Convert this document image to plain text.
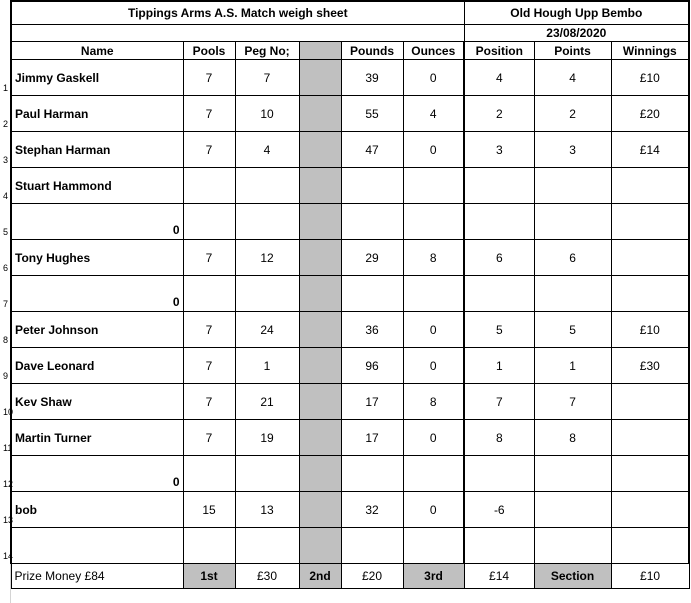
Tippings Arms A.S. Match weigh sheet						Old Hough Upp Bembo		
						23/08/2020		
Name	Pools	Peg No;		Pounds	Ounces	Position	Points	Winnings

1
Jimmy Gaskell	7	7		39	0	4	4	£10

2
Paul Harman	7	10		55	4	2	2	£20

3
Stephan Harman	7	4		47	0	3	3	£14

4
Stuart Hammond

5 0								

6
Tony Hughes	7	12		29	8	6	6	

7 0								

8
Peter Johnson	7	24		36	0	5	5	£10

9
Dave Leonard	7	1		96	0	1	1	£30

10
Kev Shaw	7	21		17	8	7	7	

11
Martin Turner	7	19		17	0	8	8	

12 0								

13
bob	15	13		32	0	-6		

14								

Prize Money £84	1st	£30	2nd	£20	3rd	£14	Section	£10
